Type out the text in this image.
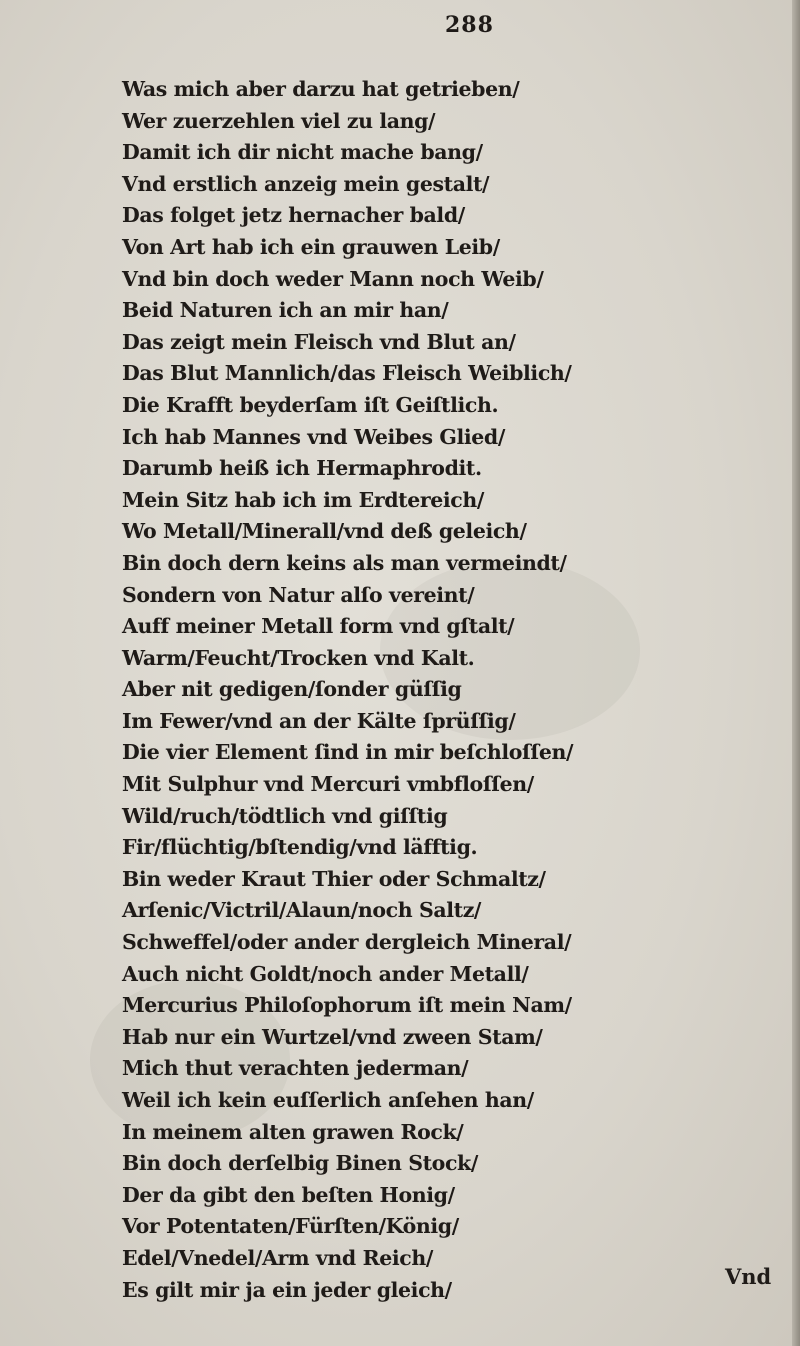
288
Was mich aber darzu hat getrieben/
Wer zuerzehlen viel zu lang/
Damit ich dir nicht mache bang/
Vnd erstlich anzeig mein gestalt/
Das folget jetz hernacher bald/
Von Art hab ich ein grauwen Leib/
Vnd bin doch weder Mann noch Weib/
Beid Naturen ich an mir han/
Das zeigt mein Fleisch vnd Blut an/
Das Blut Mannlich/das Fleisch Weiblich/
Die Krafft beyderſam iſt Geiſtlich.
Ich hab Mannes vnd Weibes Glied/
Darumb heiß ich Hermaphrodit.
Mein Sitz hab ich im Erdtereich/
Wo Metall/Minerall/vnd deß geleich/
Bin doch dern keins als man vermeindt/
Sondern von Natur alſo vereint/
Auff meiner Metall form vnd gſtalt/
Warm/Feucht/Trocken vnd Kalt.
Aber nit gedigen/ſonder güſſig
Im Fewer/vnd an der Kälte ſprüſſig/
Die vier Element ſind in mir beſchloſſen/
Mit Sulphur vnd Mercuri vmbfloſſen/
Wild/ruch/tödtlich vnd giſſtig
Fir/flüchtig/bſtendig/vnd läfftig.
Bin weder Kraut Thier oder Schmaltz/
Arſenic/Victril/Alaun/noch Saltz/
Schweffel/oder ander dergleich Mineral/
Auch nicht Goldt/noch ander Metall/
Mercurius Philoſophorum iſt mein Nam/
Hab nur ein Wurtzel/vnd zween Stam/
Mich thut verachten jederman/
Weil ich kein euſſerlich anſehen han/
In meinem alten grawen Rock/
Bin doch derſelbig Binen Stock/
Der da gibt den beſten Honig/
Vor Potentaten/Fürſten/König/
Edel/Vnedel/Arm vnd Reich/
Es gilt mir ja ein jeder gleich/
Vnd
